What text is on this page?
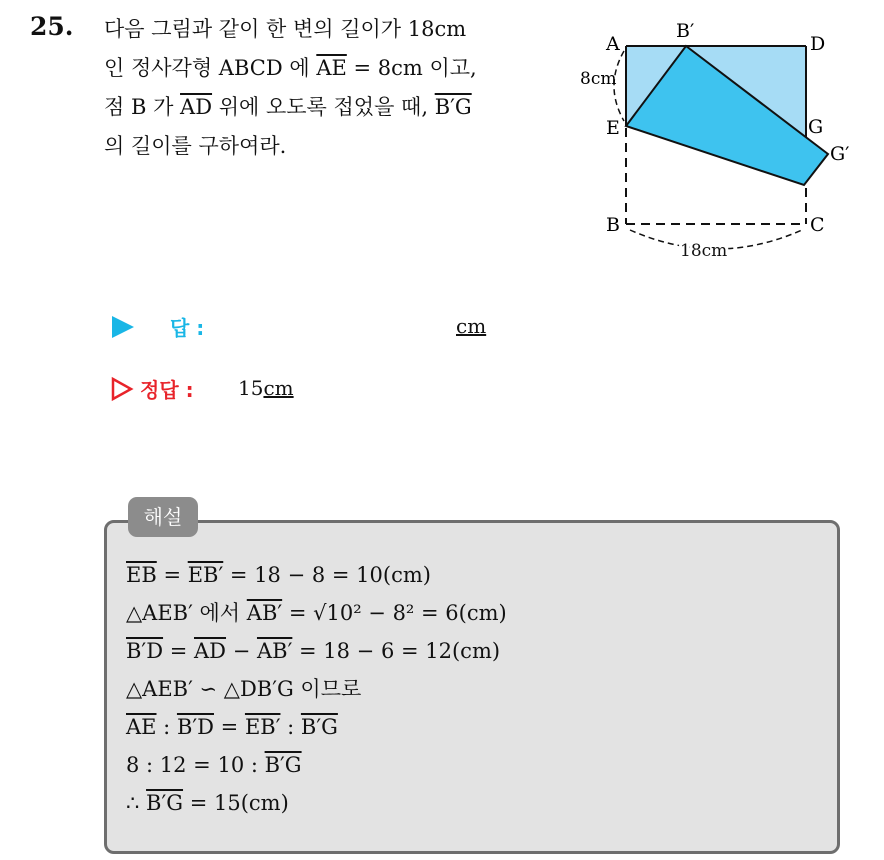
25. 다음 그림과 같이 한 변의 길이가 18cm
인 정사각형 ABCD 에 $\overline{AE} = 8cm$ 이고,
점 B 가 $\overline{AD}$ 위에 오도록 접었을 때, B′G
의 길이를 구하여라.
A
B′
D
E	G
G′
B	C
8cm
18cm
답 :	cm
정답 : 15cm
해설
$\overline{EB} = EB' = 18 - 8 = 10(cm)$
△AEB′ 에서 AB′ = √10² − 8² = 6(cm)
$B'D = \overline{AD} - AB' = 18 - 6 = 12(cm)$
△AEB′ ∽ △DB′G 이므로
$\overline{AE}$ : B′D = EB′ : B′G
8 : 12 = 10 : B′G
∴ B′G = 15(cm)
